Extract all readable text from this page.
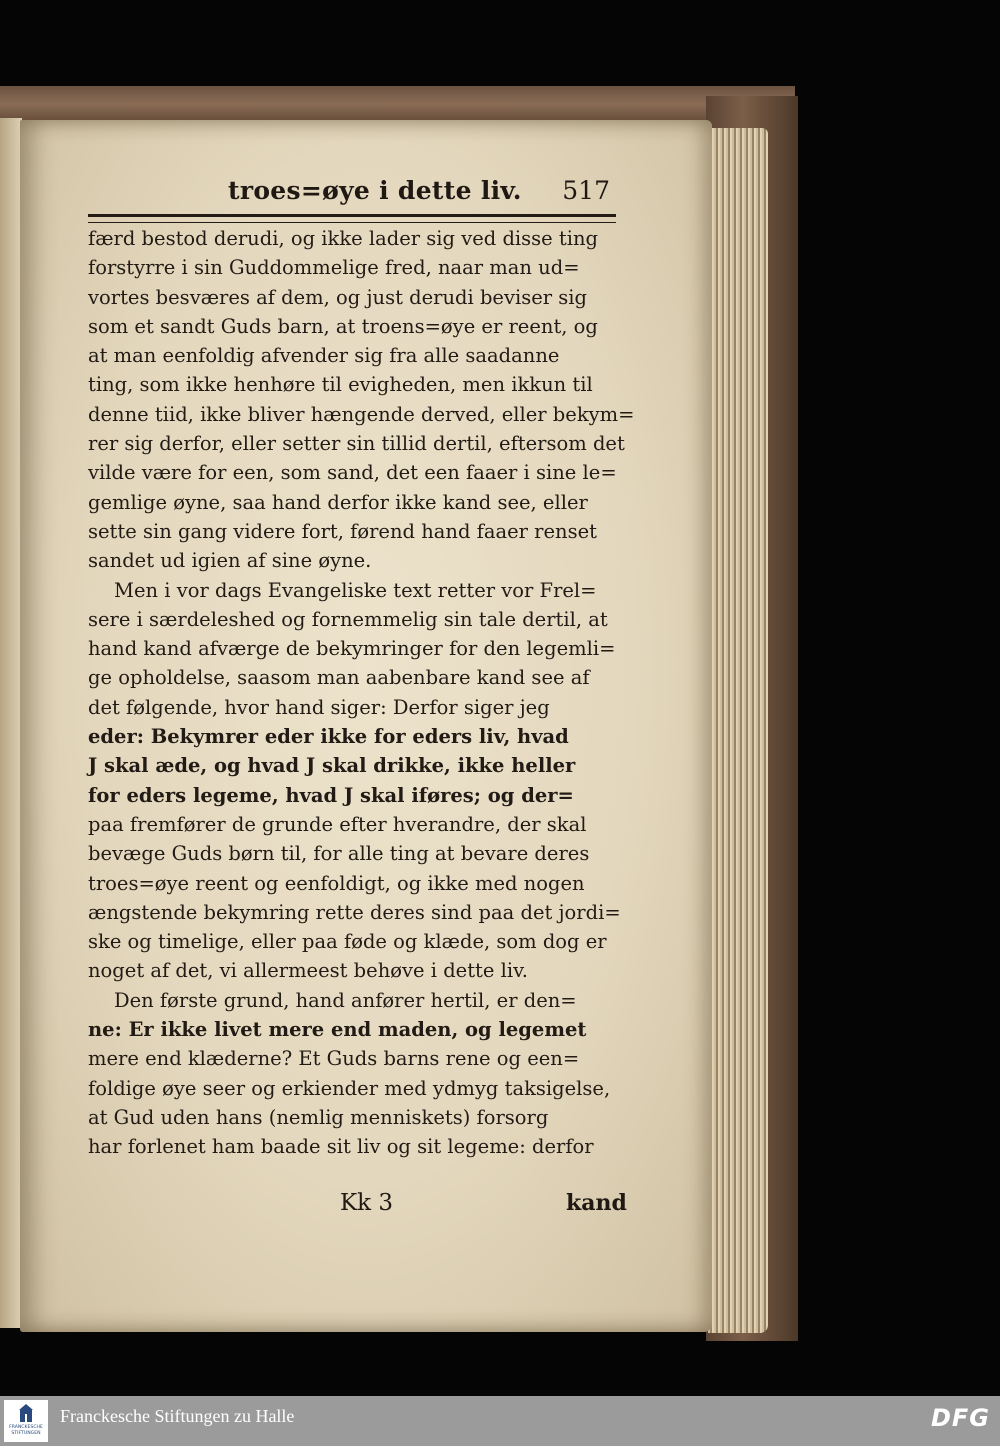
troes=øye i dette liv. 517
færd bestod derudi, og ikke lader sig ved disse ting
forstyrre i sin Guddommelige fred, naar man ud=
vortes besværes af dem, og just derudi beviser sig
som et sandt Guds barn, at troens=øye er reent, og
at man eenfoldig afvender sig fra alle saadanne
ting, som ikke henhøre til evigheden, men ikkun til
denne tiid, ikke bliver hængende derved, eller bekym=
rer sig derfor, eller setter sin tillid dertil, eftersom det
vilde være for een, som sand, det een faaer i sine le=
gemlige øyne, saa hand derfor ikke kand see, eller
sette sin gang videre fort, førend hand faaer renset
sandet ud igien af sine øyne.
Men i vor dags Evangeliske text retter vor Frel=
sere i særdeleshed og fornemmelig sin tale dertil, at
hand kand afværge de bekymringer for den legemli=
ge opholdelse, saasom man aabenbare kand see af
det følgende, hvor hand siger: Derfor siger jeg
eder: Bekymrer eder ikke for eders liv, hvad
J skal æde, og hvad J skal drikke, ikke heller
for eders legeme, hvad J skal iføres; og der=
paa fremfører de grunde efter hverandre, der skal
bevæge Guds børn til, for alle ting at bevare deres
troes=øye reent og eenfoldigt, og ikke med nogen
ængstende bekymring rette deres sind paa det jordi=
ske og timelige, eller paa føde og klæde, som dog er
noget af det, vi allermeest behøve i dette liv.
Den første grund, hand anfører hertil, er den=
ne: Er ikke livet mere end maden, og legemet
mere end klæderne? Et Guds barns rene og een=
foldige øye seer og erkiender med ydmyg taksigelse,
at Gud uden hans (nemlig menniskets) forsorg
har forlenet ham baade sit liv og sit legeme: derfor
Kk 3	kand
FRANCKESCHE
STIFTUNGEN
Franckesche Stiftungen zu Halle	DFG
